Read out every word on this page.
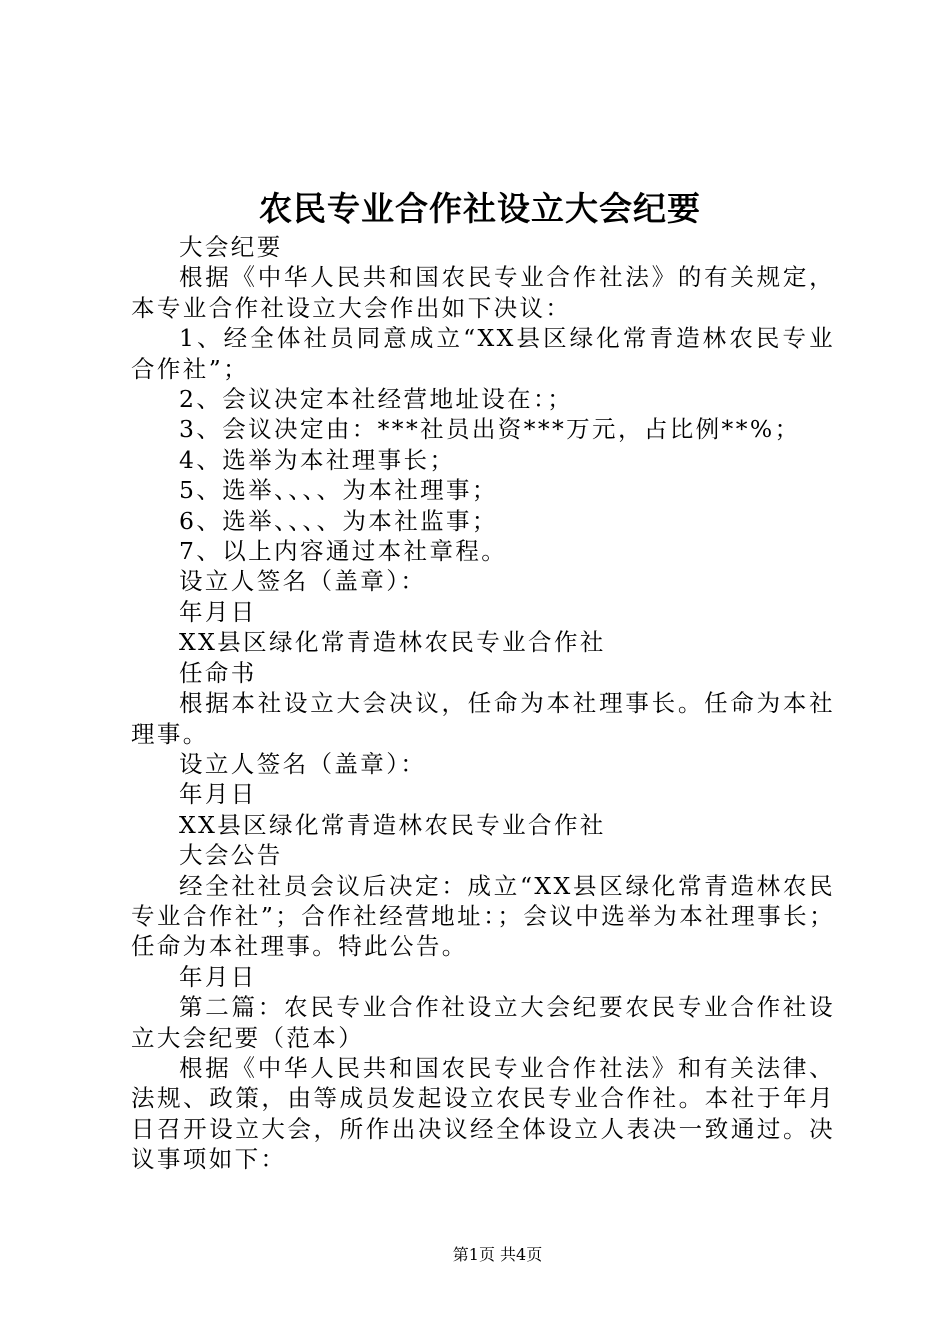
农民专业合作社设立大会纪要

大会纪要

根据《中华人民共和国农民专业合作社法》的有关规定，本专业合作社设立大会作出如下决议：

1、经全体社员同意成立“XX县区绿化常青造林农民专业合作社”；

2、会议决定本社经营地址设在：；

3、会议决定由：***社员出资***万元，占比例**%；

4、选举为本社理事长；

5、选举、、、、为本社理事；

6、选举、、、、为本社监事；

7、以上内容通过本社章程。

设立人签名（盖章）：

年月日

XX县区绿化常青造林农民专业合作社

任命书

根据本社设立大会决议，任命为本社理事长。任命为本社理事。

设立人签名（盖章）：

年月日

XX县区绿化常青造林农民专业合作社

大会公告

经全社社员会议后决定：成立“XX县区绿化常青造林农民专业合作社”；合作社经营地址：；会议中选举为本社理事长；任命为本社理事。特此公告。

年月日

第二篇：农民专业合作社设立大会纪要农民专业合作社设立大会纪要（范本）

根据《中华人民共和国农民专业合作社法》和有关法律、法规、政策，由等成员发起设立农民专业合作社。本社于年月日召开设立大会，所作出决议经全体设立人表决一致通过。决议事项如下：

第1页 共4页
